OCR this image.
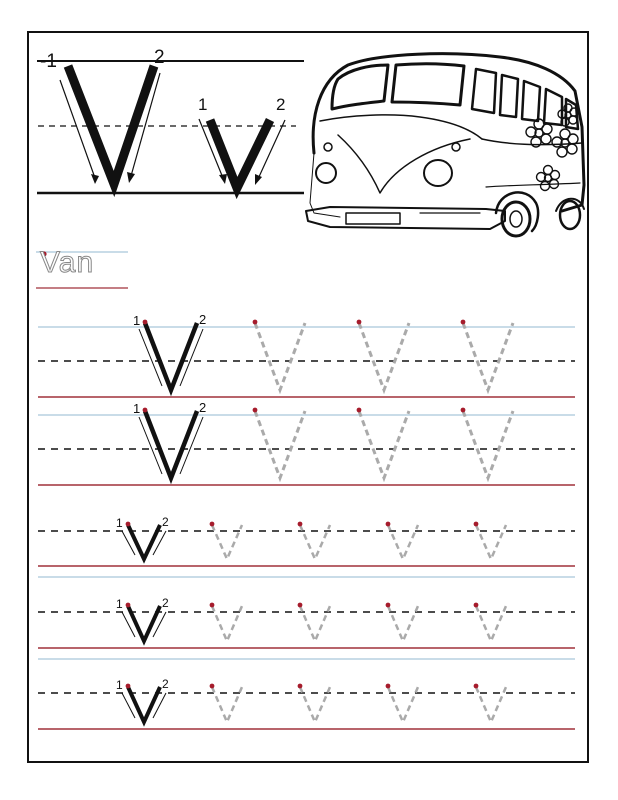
-1	2
1	2
Van
1	2
1	2
1	2
1	2
1	2
